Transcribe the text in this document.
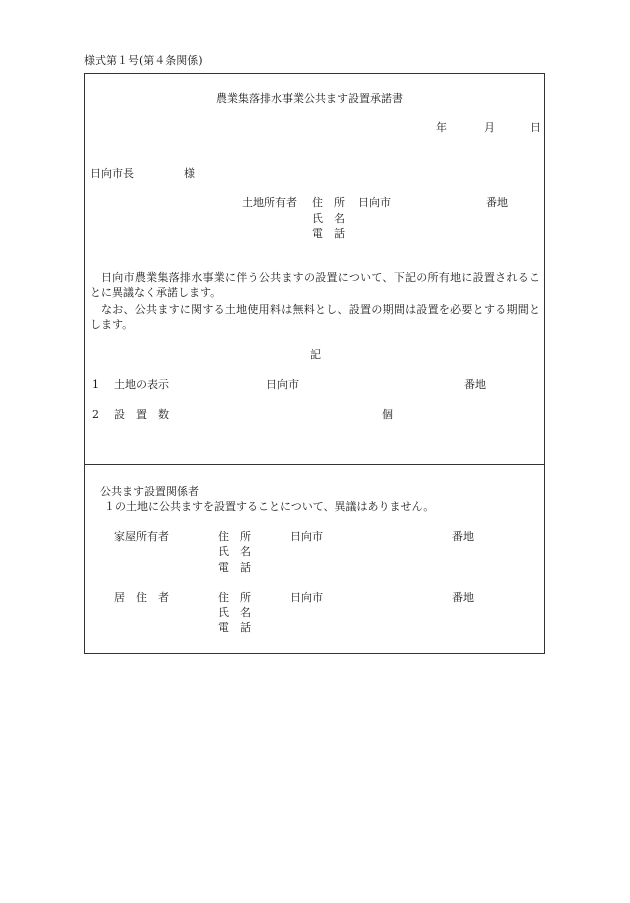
様式第１号(第４条関係)
農業集落排水事業公共ます設置承諾書
年	月	日
日向市長	様
土地所有者 住　所 日向市	番地
氏　名
電　話
日向市農業集落排水事業に伴う公共ますの設置について、下記の所有地に設置されることに異議なく承諾します。
なお、公共ますに関する土地使用料は無料とし、設置の期間は設置を必要とする期間とします。
記
1 土地の表示	日向市	番地
2 設　置　数	個
公共ます設置関係者
１の土地に公共ますを設置することについて、異議はありません。
家屋所有者	住　所	日向市	番地
氏　名
電　話
居　住　者	住　所	日向市	番地
氏　名
電　話
